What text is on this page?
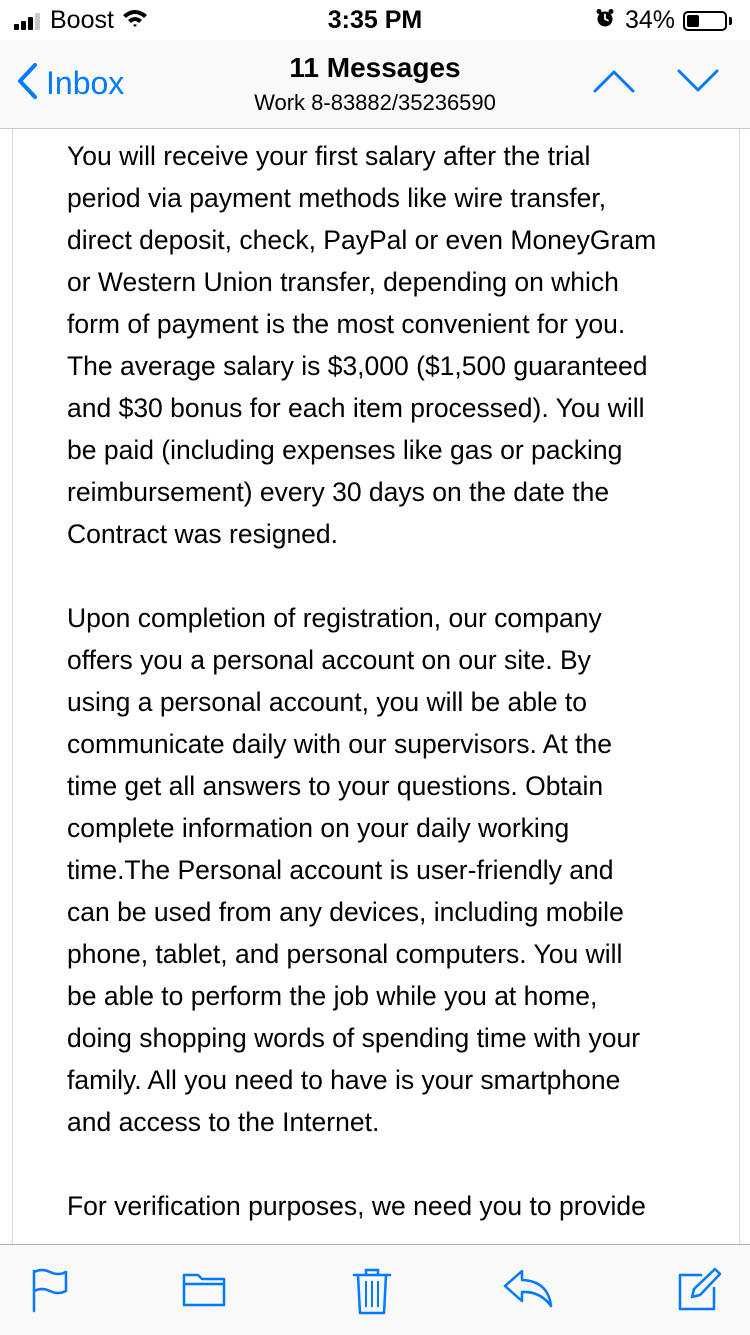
Boost	3:35 PM	34%
Inbox	11 Messages
Work 8-83882/35236590

You will receive your first salary after the trial
period via payment methods like wire transfer,
direct deposit, check, PayPal or even MoneyGram
or Western Union transfer, depending on which
form of payment is the most convenient for you.
The average salary is $3,000 ($1,500 guaranteed
and $30 bonus for each item processed). You will
be paid (including expenses like gas or packing
reimbursement) every 30 days on the date the
Contract was resigned.

Upon completion of registration, our company
offers you a personal account on our site. By
using a personal account, you will be able to
communicate daily with our supervisors. At the
time get all answers to your questions. Obtain
complete information on your daily working
time.The Personal account is user-friendly and
can be used from any devices, including mobile
phone, tablet, and personal computers. You will
be able to perform the job while you at home,
doing shopping words of spending time with your
family. All you need to have is your smartphone
and access to the Internet.

For verification purposes, we need you to provide
